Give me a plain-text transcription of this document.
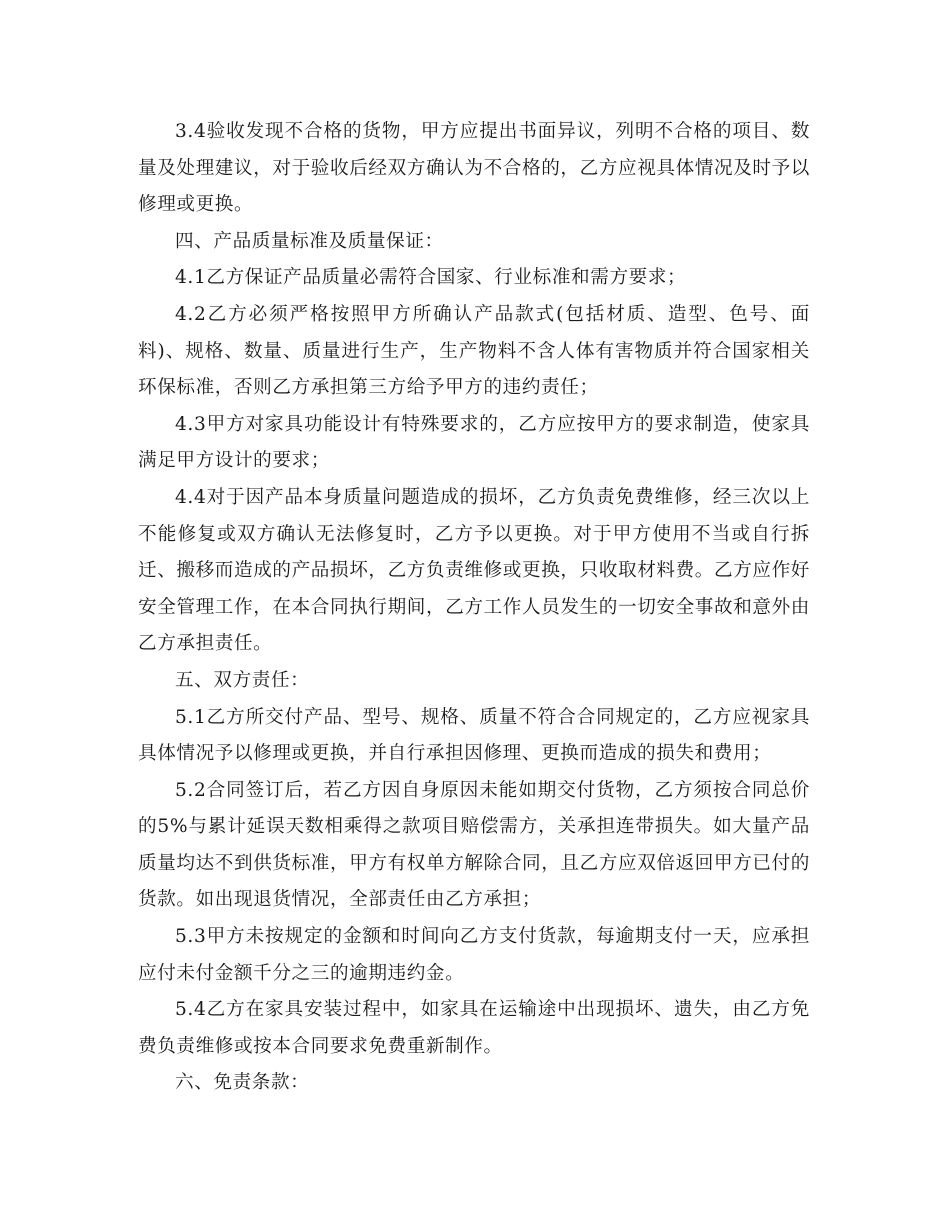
3.4验收发现不合格的货物，甲方应提出书面异议，列明不合格的项目、数量及处理建议，对于验收后经双方确认为不合格的，乙方应视具体情况及时予以修理或更换。

四、产品质量标准及质量保证：

4.1乙方保证产品质量必需符合国家、行业标准和需方要求；

4.2乙方必须严格按照甲方所确认产品款式(包括材质、造型、色号、面料)、规格、数量、质量进行生产，生产物料不含人体有害物质并符合国家相关环保标准，否则乙方承担第三方给予甲方的违约责任；

4.3甲方对家具功能设计有特殊要求的，乙方应按甲方的要求制造，使家具满足甲方设计的要求；

4.4对于因产品本身质量问题造成的损坏，乙方负责免费维修，经三次以上不能修复或双方确认无法修复时，乙方予以更换。对于甲方使用不当或自行拆迁、搬移而造成的产品损坏，乙方负责维修或更换，只收取材料费。乙方应作好安全管理工作，在本合同执行期间，乙方工作人员发生的一切安全事故和意外由乙方承担责任。

五、双方责任：

5.1乙方所交付产品、型号、规格、质量不符合合同规定的，乙方应视家具具体情况予以修理或更换，并自行承担因修理、更换而造成的损失和费用；

5.2合同签订后，若乙方因自身原因未能如期交付货物，乙方须按合同总价的5%与累计延误天数相乘得之款项目赔偿需方，关承担连带损失。如大量产品质量均达不到供货标准，甲方有权单方解除合同，且乙方应双倍返回甲方已付的货款。如出现退货情况，全部责任由乙方承担；

5.3甲方未按规定的金额和时间向乙方支付货款，每逾期支付一天，应承担应付未付金额千分之三的逾期违约金。

5.4乙方在家具安装过程中，如家具在运输途中出现损坏、遗失，由乙方免费负责维修或按本合同要求免费重新制作。

六、免责条款：
